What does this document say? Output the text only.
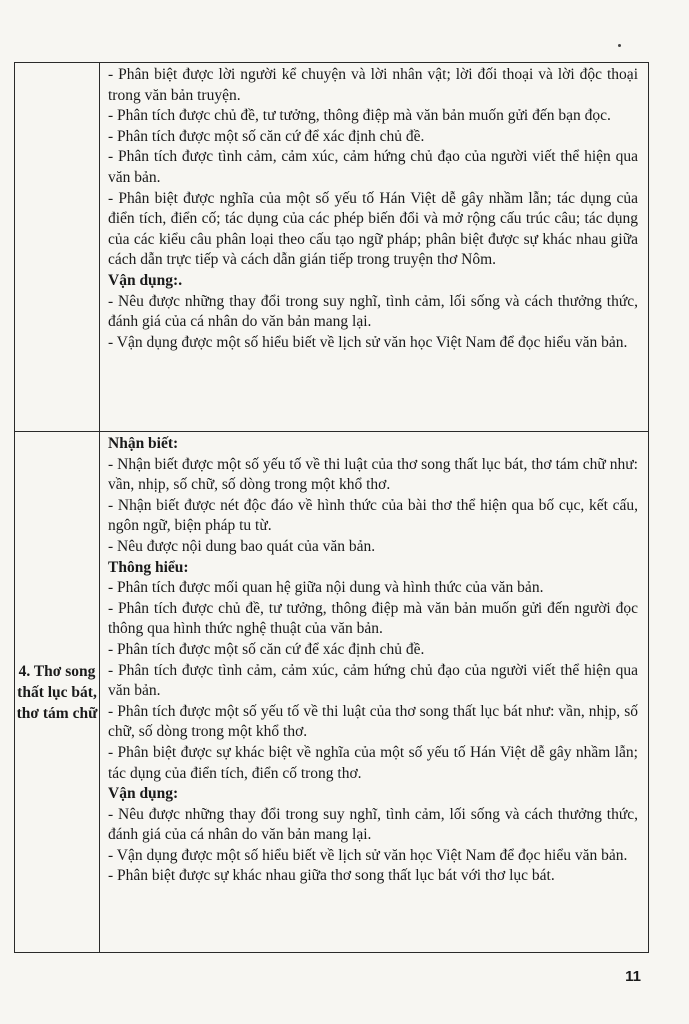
- Phân biệt được lời người kể chuyện và lời nhân vật; lời đối thoại và lời độc thoại trong văn bản truyện.
- Phân tích được chủ đề, tư tưởng, thông điệp mà văn bản muốn gửi đến bạn đọc.
- Phân tích được một số căn cứ để xác định chủ đề.
- Phân tích được tình cảm, cảm xúc, cảm hứng chủ đạo của người viết thể hiện qua văn bản.
- Phân biệt được nghĩa của một số yếu tố Hán Việt dễ gây nhầm lẫn; tác dụng của điển tích, điển cố; tác dụng của các phép biến đổi và mở rộng cấu trúc câu; tác dụng của các kiểu câu phân loại theo cấu tạo ngữ pháp; phân biệt được sự khác nhau giữa cách dẫn trực tiếp và cách dẫn gián tiếp trong truyện thơ Nôm.
Vận dụng:.
- Nêu được những thay đổi trong suy nghĩ, tình cảm, lối sống và cách thưởng thức, đánh giá của cá nhân do văn bản mang lại.
- Vận dụng được một số hiểu biết về lịch sử văn học Việt Nam để đọc hiểu văn bản.
4. Thơ song thất lục bát, thơ tám chữ
Nhận biết:
- Nhận biết được một số yếu tố về thi luật của thơ song thất lục bát, thơ tám chữ như: vần, nhịp, số chữ, số dòng trong một khổ thơ.
- Nhận biết được nét độc đáo về hình thức của bài thơ thể hiện qua bố cục, kết cấu, ngôn ngữ, biện pháp tu từ.
- Nêu được nội dung bao quát của văn bản.
Thông hiểu:
- Phân tích được mối quan hệ giữa nội dung và hình thức của văn bản.
- Phân tích được chủ đề, tư tưởng, thông điệp mà văn bản muốn gửi đến người đọc thông qua hình thức nghệ thuật của văn bản.
- Phân tích được một số căn cứ để xác định chủ đề.
- Phân tích được tình cảm, cảm xúc, cảm hứng chủ đạo của người viết thể hiện qua văn bản.
- Phân tích được một số yếu tố về thi luật của thơ song thất lục bát như: vần, nhịp, số chữ, số dòng trong một khổ thơ.
- Phân biệt được sự khác biệt về nghĩa của một số yếu tố Hán Việt dễ gây nhầm lẫn; tác dụng của điển tích, điển cố trong thơ.
Vận dụng:
- Nêu được những thay đổi trong suy nghĩ, tình cảm, lối sống và cách thưởng thức, đánh giá của cá nhân do văn bản mang lại.
- Vận dụng được một số hiểu biết về lịch sử văn học Việt Nam để đọc hiểu văn bản.
- Phân biệt được sự khác nhau giữa thơ song thất lục bát với thơ lục bát.
11
